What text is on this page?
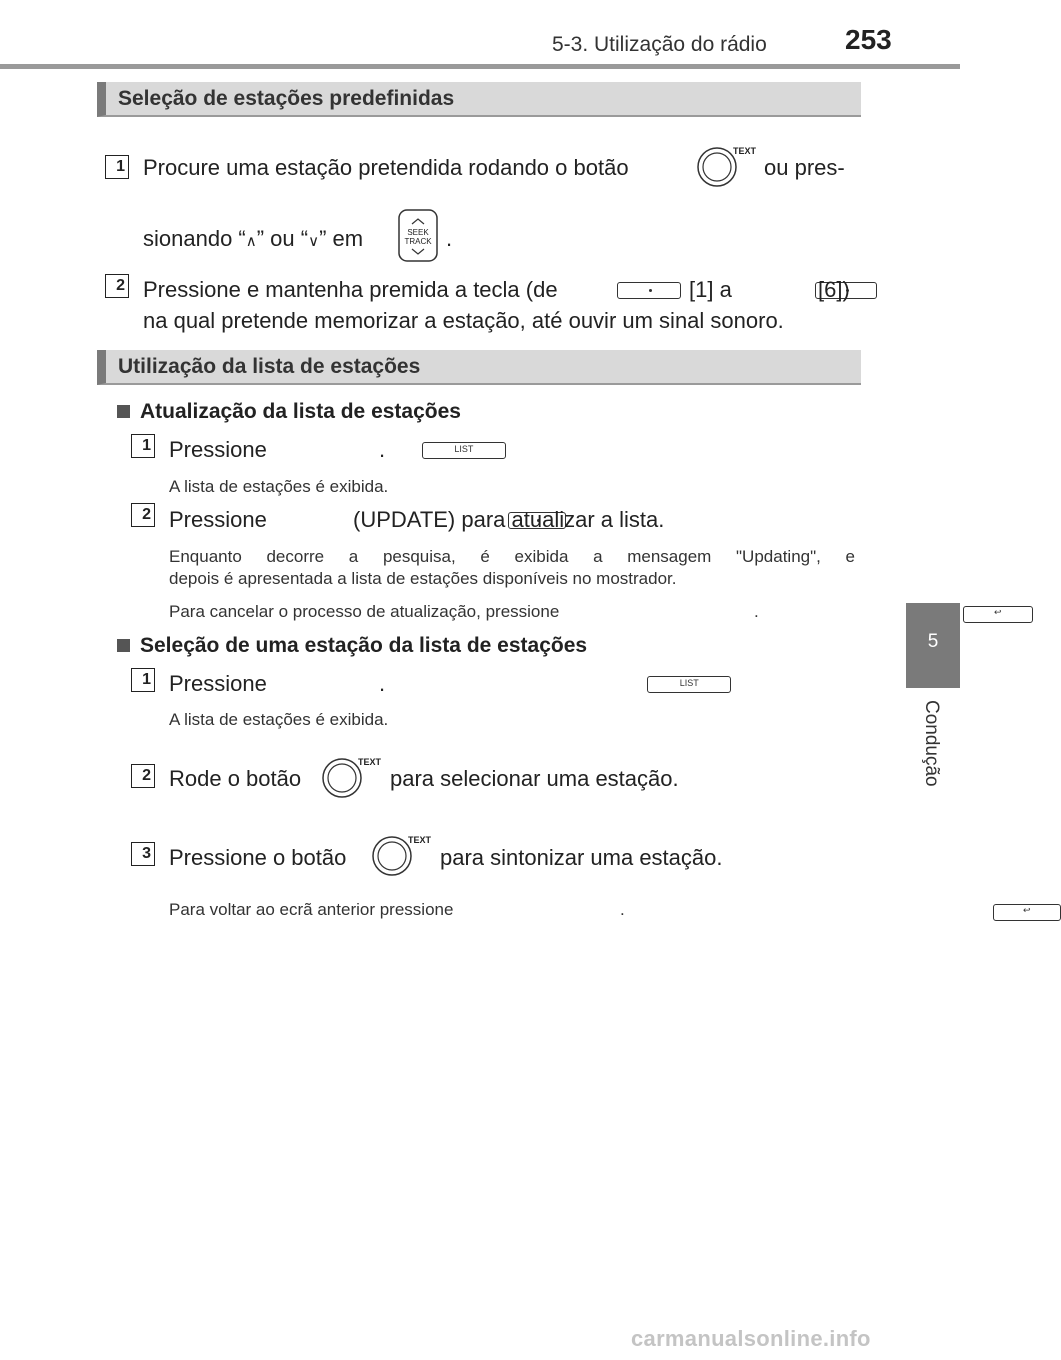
5-3. Utilização do rádio	253
5
Condução
Seleção de estações predefinidas
1 Procure uma estação pretendida rodando o botão
TEXT
ou pres-
sionando “∧” ou “∨” em	SEEK
TRACK .
2 Pressione e mantenha premida a tecla (de
	[1] a
	[6])
na qual pretende memorizar a estação, até ouvir um sinal sonoro.
Utilização da lista de estações
Atualização da lista de estações
1 Pressione	LIST

.
A lista de estações é exibida.
2 Pressione
	(UPDATE) para atualizar a lista.
Enquanto decorre a pesquisa, é exibida a mensagem "Updating", e
depois é apresentada a lista de estações disponíveis no mostrador.
Para cancelar o processo de atualização, pressione	↩

.
Seleção de uma estação da lista de estações
1 Pressione	LIST

.
A lista de estações é exibida.
2 Rode o botão
TEXT
para selecionar uma estação.
3 Pressione o botão
TEXT
para sintonizar uma estação.
Para voltar ao ecrã anterior pressione	↩
.
carmanualsonline.info
